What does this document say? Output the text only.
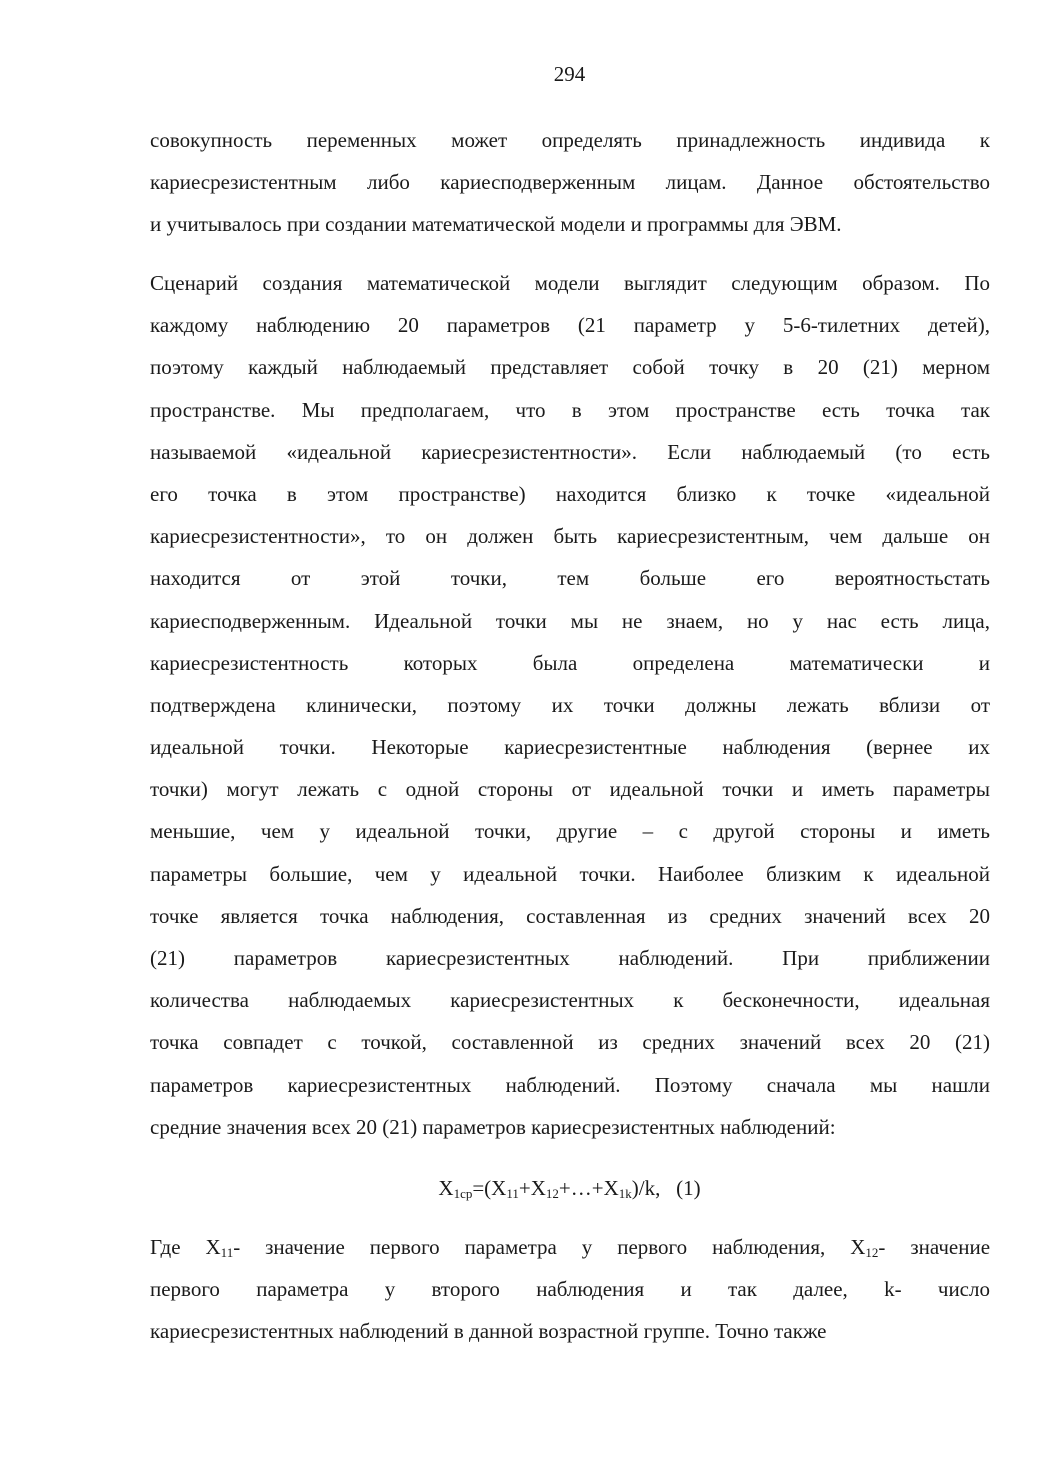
294
совокупность переменных может определять принадлежность индивида к
кариесрезистентным либо кариесподверженным лицам. Данное обстоятельство
и учитывалось при создании математической модели и программы для ЭВМ.
Сценарий создания математической модели выглядит следующим образом. По
каждому наблюдению 20 параметров (21 параметр у 5-6-тилетних детей),
поэтому каждый наблюдаемый представляет собой точку в 20 (21) мерном
пространстве. Мы предполагаем, что в этом пространстве есть точка так
называемой «идеальной кариесрезистентности». Если наблюдаемый (то есть
его точка в этом пространстве) находится близко к точке «идеальной
кариесрезистентности», то он должен быть кариесрезистентным, чем дальше он
находится от этой точки, тем больше его вероятностьстать
кариесподверженным. Идеальной точки мы не знаем, но у нас есть лица,
кариесрезистентность которых была определена математически и
подтверждена клинически, поэтому их точки должны лежать вблизи от
идеальной точки. Некоторые кариесрезистентные наблюдения (вернее их
точки) могут лежать с одной стороны от идеальной точки и иметь параметры
меньшие, чем у идеальной точки, другие – с другой стороны и иметь
параметры большие, чем у идеальной точки. Наиболее близким к идеальной
точке является точка наблюдения, составленная из средних значений всех 20
(21) параметров кариесрезистентных наблюдений. При приближении
количества наблюдаемых кариесрезистентных к бесконечности, идеальная
точка совпадет с точкой, составленной из средних значений всех 20 (21)
параметров кариесрезистентных наблюдений. Поэтому сначала мы нашли
средние значения всех 20 (21) параметров кариесрезистентных наблюдений:
$X_{1ср}=(X_{11}+X_{12}+\dots+X_{1k})/k$, (1)
Где $X_{11}-$ значение первого параметра у первого наблюдения, $X_{12}-$ значение
первого параметра у второго наблюдения и так далее, k- число
кариесрезистентных наблюдений в данной возрастной группе. Точно также
